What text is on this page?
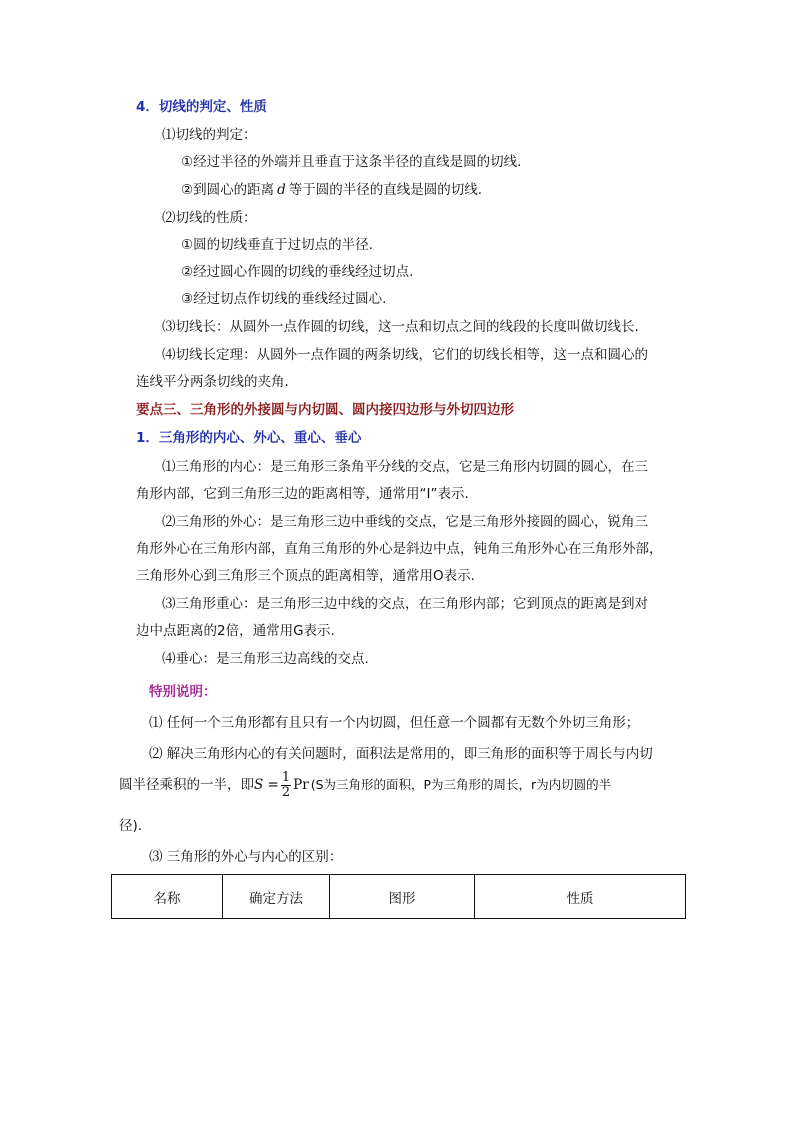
4．切线的判定、性质
⑴切线的判定：
①经过半径的外端并且垂直于这条半径的直线是圆的切线.
②到圆心的距离 d 等于圆的半径的直线是圆的切线.
⑵切线的性质：
①圆的切线垂直于过切点的半径.
②经过圆心作圆的切线的垂线经过切点.
③经过切点作切线的垂线经过圆心.
⑶切线长：从圆外一点作圆的切线，这一点和切点之间的线段的长度叫做切线长.
⑷切线长定理：从圆外一点作圆的两条切线，它们的切线长相等，这一点和圆心的
连线平分两条切线的夹角.
要点三、三角形的外接圆与内切圆、圆内接四边形与外切四边形
1．三角形的内心、外心、重心、垂心
⑴三角形的内心：是三角形三条角平分线的交点，它是三角形内切圆的圆心，在三
角形内部，它到三角形三边的距离相等，通常用“I”表示.
⑵三角形的外心：是三角形三边中垂线的交点，它是三角形外接圆的圆心，锐角三
角形外心在三角形内部，直角三角形的外心是斜边中点，钝角三角形外心在三角形外部，
三角形外心到三角形三个顶点的距离相等，通常用O表示.
⑶三角形重心：是三角形三边中线的交点，在三角形内部；它到顶点的距离是到对
边中点距离的2倍，通常用G表示.
⑷垂心：是三角形三边高线的交点.
特别说明：
⑴ 任何一个三角形都有且只有一个内切圆，但任意一个圆都有无数个外切三角形；
⑵ 解决三角形内心的有关问题时，面积法是常用的，即三角形的面积等于周长与内切
圆半径乘积的一半，即$S = \frac{1}{2}$ Pr (S为三角形的面积，P为三角形的周长，r为内切圆的半
径).
⑶ 三角形的外心与内心的区别：
名称	确定方法	图形	性质
